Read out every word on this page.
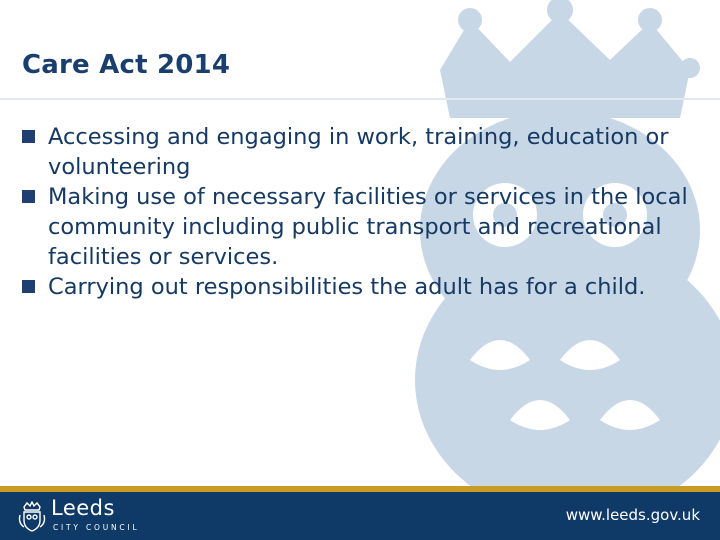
Care Act 2014
Accessing and engaging in work, training, education or volunteering
Making use of necessary facilities or services in the local community including public transport and recreational facilities or services.
Carrying out responsibilities the adult has for a child.
Leeds
CITY COUNCIL
www.leeds.gov.uk
